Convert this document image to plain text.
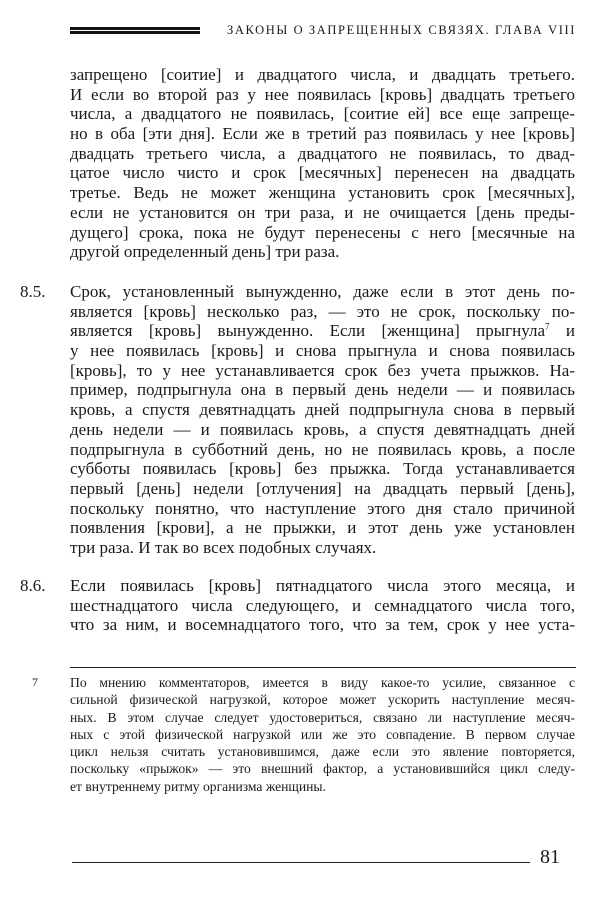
ЗАКОНЫ О ЗАПРЕЩЕННЫХ СВЯЗЯХ. ГЛАВА VIII
запрещено [соитие] и двадцатого числа, и двадцать третьего.
И если во второй раз у нее появилась [кровь] двадцать третьего
числа, а двадцатого не появилась, [соитие ей] все еще запреще-
но в оба [эти дня]. Если же в третий раз появилась у нее [кровь]
двадцать третьего числа, а двадцатого не появилась, то двад-
цатое число чисто и срок [месячных] перенесен на двадцать
третье. Ведь не может женщина установить срок [месячных],
если не установится он три раза, и не очищается [день преды-
дущего] срока, пока не будут перенесены с него [месячные на
другой определенный день] три раза.
8.5. Срок, установленный вынужденно, даже если в этот день по-
является [кровь] несколько раз, — это не срок, поскольку по-
является [кровь] вынужденно. Если [женщина] прыгнула$^7$ и
у нее появилась [кровь] и снова прыгнула и снова появилась
[кровь], то у нее устанавливается срок без учета прыжков. На-
пример, подпрыгнула она в первый день недели — и появилась
кровь, а спустя девятнадцать дней подпрыгнула снова в первый
день недели — и появилась кровь, а спустя девятнадцать дней
подпрыгнула в субботний день, но не появилась кровь, а после
субботы появилась [кровь] без прыжка. Тогда устанавливается
первый [день] недели [отлучения] на двадцать первый [день],
поскольку понятно, что наступление этого дня стало причиной
появления [крови], а не прыжки, и этот день уже установлен
три раза. И так во всех подобных случаях.
8.6. Если появилась [кровь] пятнадцатого числа этого месяца, и
шестнадцатого числа следующего, и семнадцатого числа того,
что за ним, и восемнадцатого того, что за тем, срок у нее уста-
7 По мнению комментаторов, имеется в виду какое-то усилие, связанное с
сильной физической нагрузкой, которое может ускорить наступление месяч-
ных. В этом случае следует удостовериться, связано ли наступление месяч-
ных с этой физической нагрузкой или же это совпадение. В первом случае
цикл нельзя считать установившимся, даже если это явление повторяется,
поскольку «прыжок» — это внешний фактор, а установившийся цикл следу-
ет внутреннему ритму организма женщины.
81
